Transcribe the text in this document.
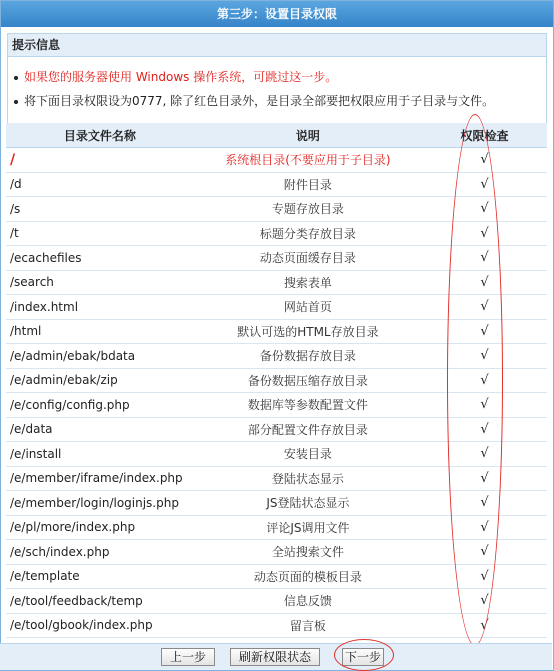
第三步：设置目录权限
提示信息
如果您的服务器使用 Windows 操作系统，可跳过这一步。
将下面目录权限设为0777, 除了红色目录外，是目录全部要把权限应用于子目录与文件。
目录文件名称	说明	权限检查
/	系统根目录(不要应用于子目录)	√
/d	附件目录	√
/s	专题存放目录	√
/t	标题分类存放目录	√
/ecachefiles	动态页面缓存目录	√
/search	搜索表单	√
/index.html	网站首页	√
/html	默认可选的HTML存放目录	√
/e/admin/ebak/bdata	备份数据存放目录	√
/e/admin/ebak/zip	备份数据压缩存放目录	√
/e/config/config.php	数据库等参数配置文件	√
/e/data	部分配置文件存放目录	√
/e/install	安装目录	√
/e/member/iframe/index.php	登陆状态显示	√
/e/member/login/loginjs.php	JS登陆状态显示	√
/e/pl/more/index.php	评论JS调用文件	√
/e/sch/index.php	全站搜索文件	√
/e/template	动态页面的模板目录	√
/e/tool/feedback/temp	信息反馈	√
/e/tool/gbook/index.php	留言板	√
上一步	刷新权限状态	下一步
